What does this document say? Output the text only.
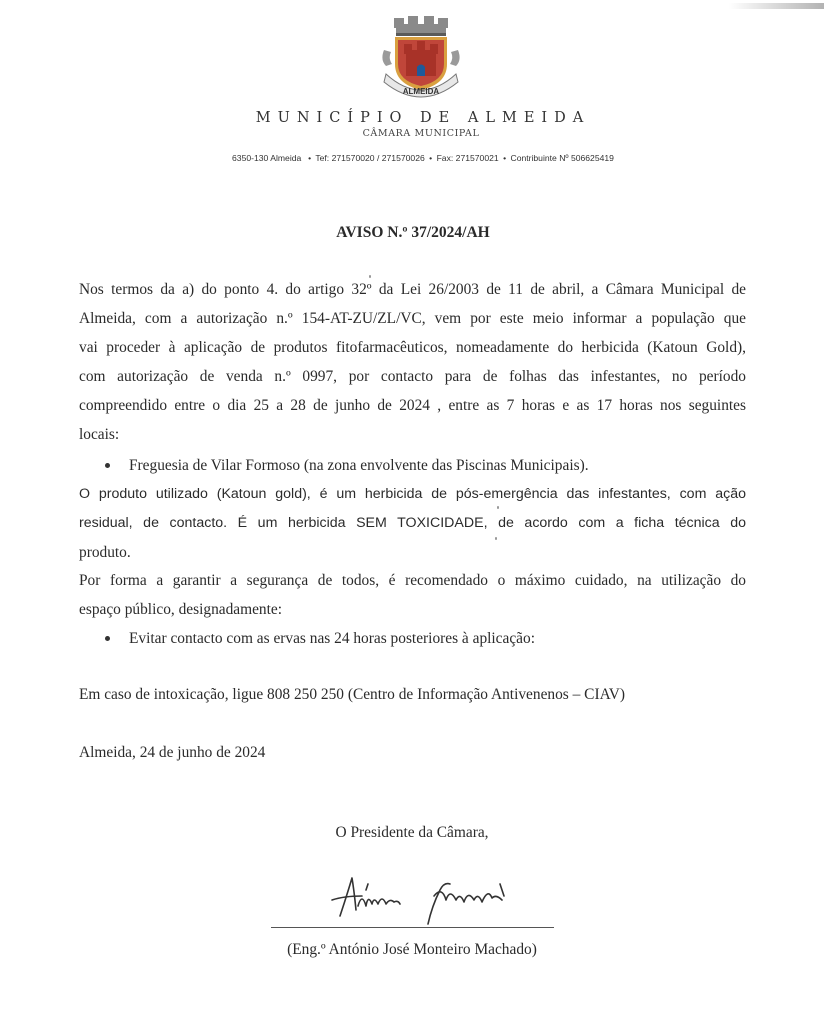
ALMEIDA
MUNICÍPIO DE ALMEIDA
CÂMARA MUNICIPAL
6350-130 Almeida  • Tef: 271570020 / 271570026 • Fax: 271570021 • Contribuinte Nº 506625419
AVISO N.º 37/2024/AH
Nos termos da a) do ponto 4. do artigo 32º da Lei 26/2003 de 11 de abril, a Câmara Municipal de
Almeida, com a autorização n.º 154-AT-ZU/ZL/VC, vem por este meio informar a população que
vai proceder à aplicação de produtos fitofarmacêuticos, nomeadamente do herbicida (Katoun Gold),
com autorização de venda n.º 0997, por contacto para de folhas das infestantes, no período
compreendido entre o dia 25 a 28 de junho de 2024 , entre as 7 horas e as 17 horas nos seguintes
locais:
Freguesia de Vilar Formoso (na zona envolvente das Piscinas Municipais).
O produto utilizado (Katoun gold), é um herbicida de pós-emergência das infestantes, com ação
residual, de contacto. É um herbicida SEM TOXICIDADE, de acordo com a ficha técnica do
produto.
Por forma a garantir a segurança de todos, é recomendado o máximo cuidado, na utilização do
espaço público, designadamente:
Evitar contacto com as ervas nas 24 horas posteriores à aplicação:
Em caso de intoxicação, ligue 808 250 250 (Centro de Informação Antivenenos – CIAV)
Almeida, 24 de junho de 2024
O Presidente da Câmara,
(Eng.º António José Monteiro Machado)
